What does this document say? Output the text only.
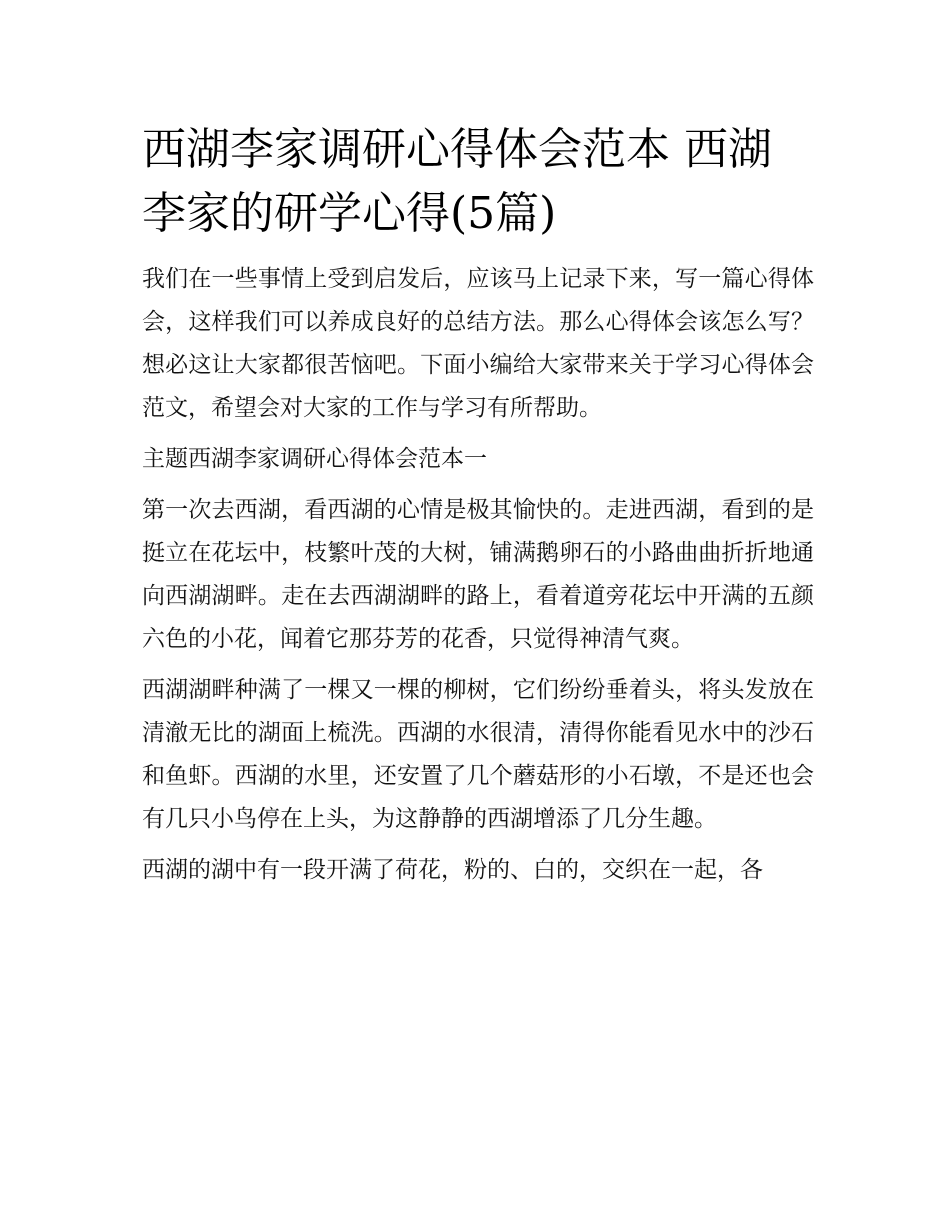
西湖李家调研心得体会范本 西湖李家的研学心得(5篇)

我们在一些事情上受到启发后，应该马上记录下来，写一篇心得体会，这样我们可以养成良好的总结方法。那么心得体会该怎么写？想必这让大家都很苦恼吧。下面小编给大家带来关于学习心得体会范文，希望会对大家的工作与学习有所帮助。

主题西湖李家调研心得体会范本一

第一次去西湖，看西湖的心情是极其愉快的。走进西湖，看到的是挺立在花坛中，枝繁叶茂的大树，铺满鹅卵石的小路曲曲折折地通向西湖湖畔。走在去西湖湖畔的路上，看着道旁花坛中开满的五颜六色的小花，闻着它那芬芳的花香，只觉得神清气爽。

西湖湖畔种满了一棵又一棵的柳树，它们纷纷垂着头，将头发放在清澈无比的湖面上梳洗。西湖的水很清，清得你能看见水中的沙石和鱼虾。西湖的水里，还安置了几个蘑菇形的小石墩，不是还也会有几只小鸟停在上头，为这静静的西湖增添了几分生趣。

西湖的湖中有一段开满了荷花，粉的、白的，交织在一起，各
